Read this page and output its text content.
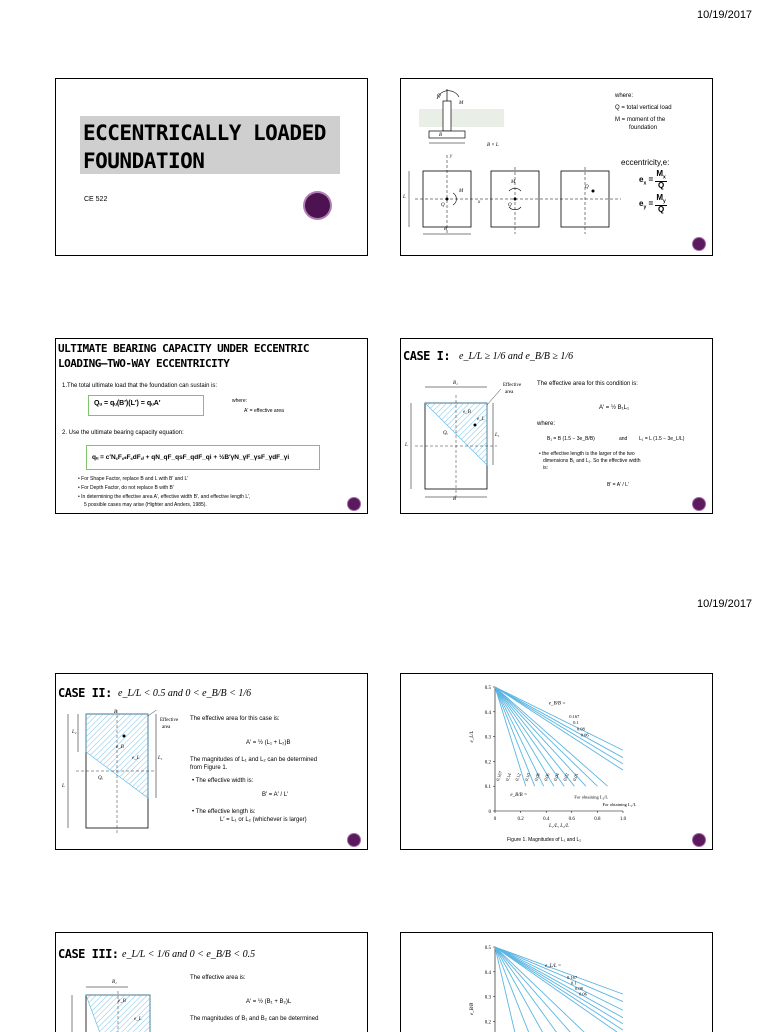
10/19/2017
ECCENTRICALLY LOADED
FOUNDATION
CE 522
Q
M
B
B × L
y
x
L
B
Q
M
Q
M
Q
where:
Q = total vertical load
M = moment of the
foundation
eccentricity,e:
$e_x = \frac{M_x}{Q}$
$e_y = \frac{M_y}{Q}$
ULTIMATE BEARING CAPACITY UNDER ECCENTRIC
LOADING—TWO-WAY ECCENTRICITY
1.The total ultimate load that the foundation can sustain is:
Qᵤ = qᵤ(B′)(L′) = qᵤA′	where:
A′ = effective area
2. Use the ultimate bearing capacity equation:
qᵤ = c′N꜀F꜀ₛF꜀dF꜀ᵢ + qN_qF_qsF_qdF_qi + ½B′γN_γF_γsF_γdF_γi
• For Shape Factor, replace B and L with B′ and L′
• For Depth Factor, do not replace B with B′
• In determining the effective area A′, effective width B′, and effective length L′,
5 possible cases may arise (Highter and Anders, 1985).
CASE I: e_L/L ≥ 1/6 and e_B/B ≥ 1/6
Effective
area
B₁
L₁
L
B
Qᵤ
e_B
e_L
The effective area for this condition is:
A′ = ½ B₁L₁
where:
B₁ = B (1.5 − 3e_B/B)	and L₁ = L (1.5 − 3e_L/L)
• the effective length is the larger of the two
dimensions B₁ and L₁. So the effective width
is:
B′ = A′ / L′
10/19/2017
CASE II: e_L/L < 0.5 and 0 < e_B/B < 1/6
Effective
area
L₂
L₁
L
B
Qᵤ
e_B
e_L
The effective area for this case is:
A′ = ½ (L₁ + L₂)B
The magnitudes of L₁ and L₂ can be determined
from Figure 1.
• The effective width is:
B′ = A′ / L′
• The effective length is:
L′ = L₁ or L₂ (whichever is larger)
0
0.1
0.2
0.3
0.4
0.5
0	0.2	0.4	0.6	0.8	1.0
L₁/L, L₂/L
e_L/L
e_B/B =
0.167
0.1
0.08
0.06
0.167 0.14 0.12 0.10 0.08 0.06 0.04 0.02 0.01
e_B/B =	For obtaining L₂/L
For obtaining L₁/L
Figure 1. Magnitudes of L₁ and L₂
CASE III: e_L/L < 1/6 and 0 < e_B/B < 0.5
B₁
e_B
e_L
The effective area is:
A′ = ½ (B₁ + B₂)L
The magnitudes of B₁ and B₂ can be determined
0.5
0.4
0.3
0.2
e_B/B
e_L/L =
0.167
0.1
0.08
0.06
